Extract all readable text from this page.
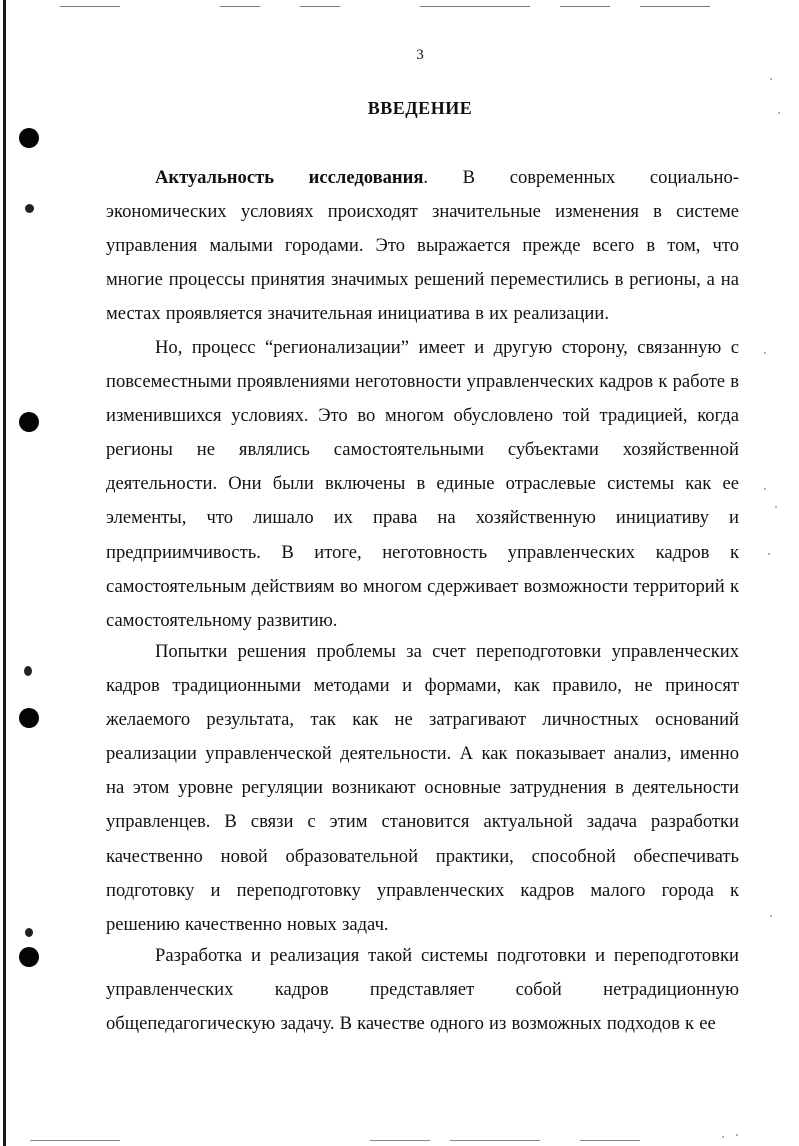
3
ВВЕДЕНИЕ

Актуальность исследования. В современных социально-экономических условиях происходят значительные изменения в системе управления малыми городами. Это выражается прежде всего в том, что многие процессы принятия значимых решений переместились в регионы, а на местах проявляется значительная инициатива в их реализации.

Но, процесс “регионализации” имеет и другую сторону, связанную с повсеместными проявлениями неготовности управленческих кадров к работе в изменившихся условиях. Это во многом обусловлено той традицией, когда регионы не являлись самостоятельными субъектами хозяйственной деятельности. Они были включены в единые отраслевые системы как ее элементы, что лишало их права на хозяйственную инициативу и предприимчивость. В итоге, неготовность управленческих кадров к самостоятельным действиям во многом сдерживает возможности территорий к самостоятельному развитию.

Попытки решения проблемы за счет переподготовки управленческих кадров традиционными методами и формами, как правило, не приносят желаемого результата, так как не затрагивают личностных оснований реализации управленческой деятельности. А как показывает анализ, именно на этом уровне регуляции возникают основные затруднения в деятельности управленцев. В связи с этим становится актуальной задача разработки качественно новой образовательной практики, способной обеспечивать подготовку и переподготовку управленческих кадров малого города к решению качественно новых задач.

Разработка и реализация такой системы подготовки и переподготовки управленческих кадров представляет собой нетрадиционную общепедагогическую задачу. В качестве одного из возможных подходов к ее
